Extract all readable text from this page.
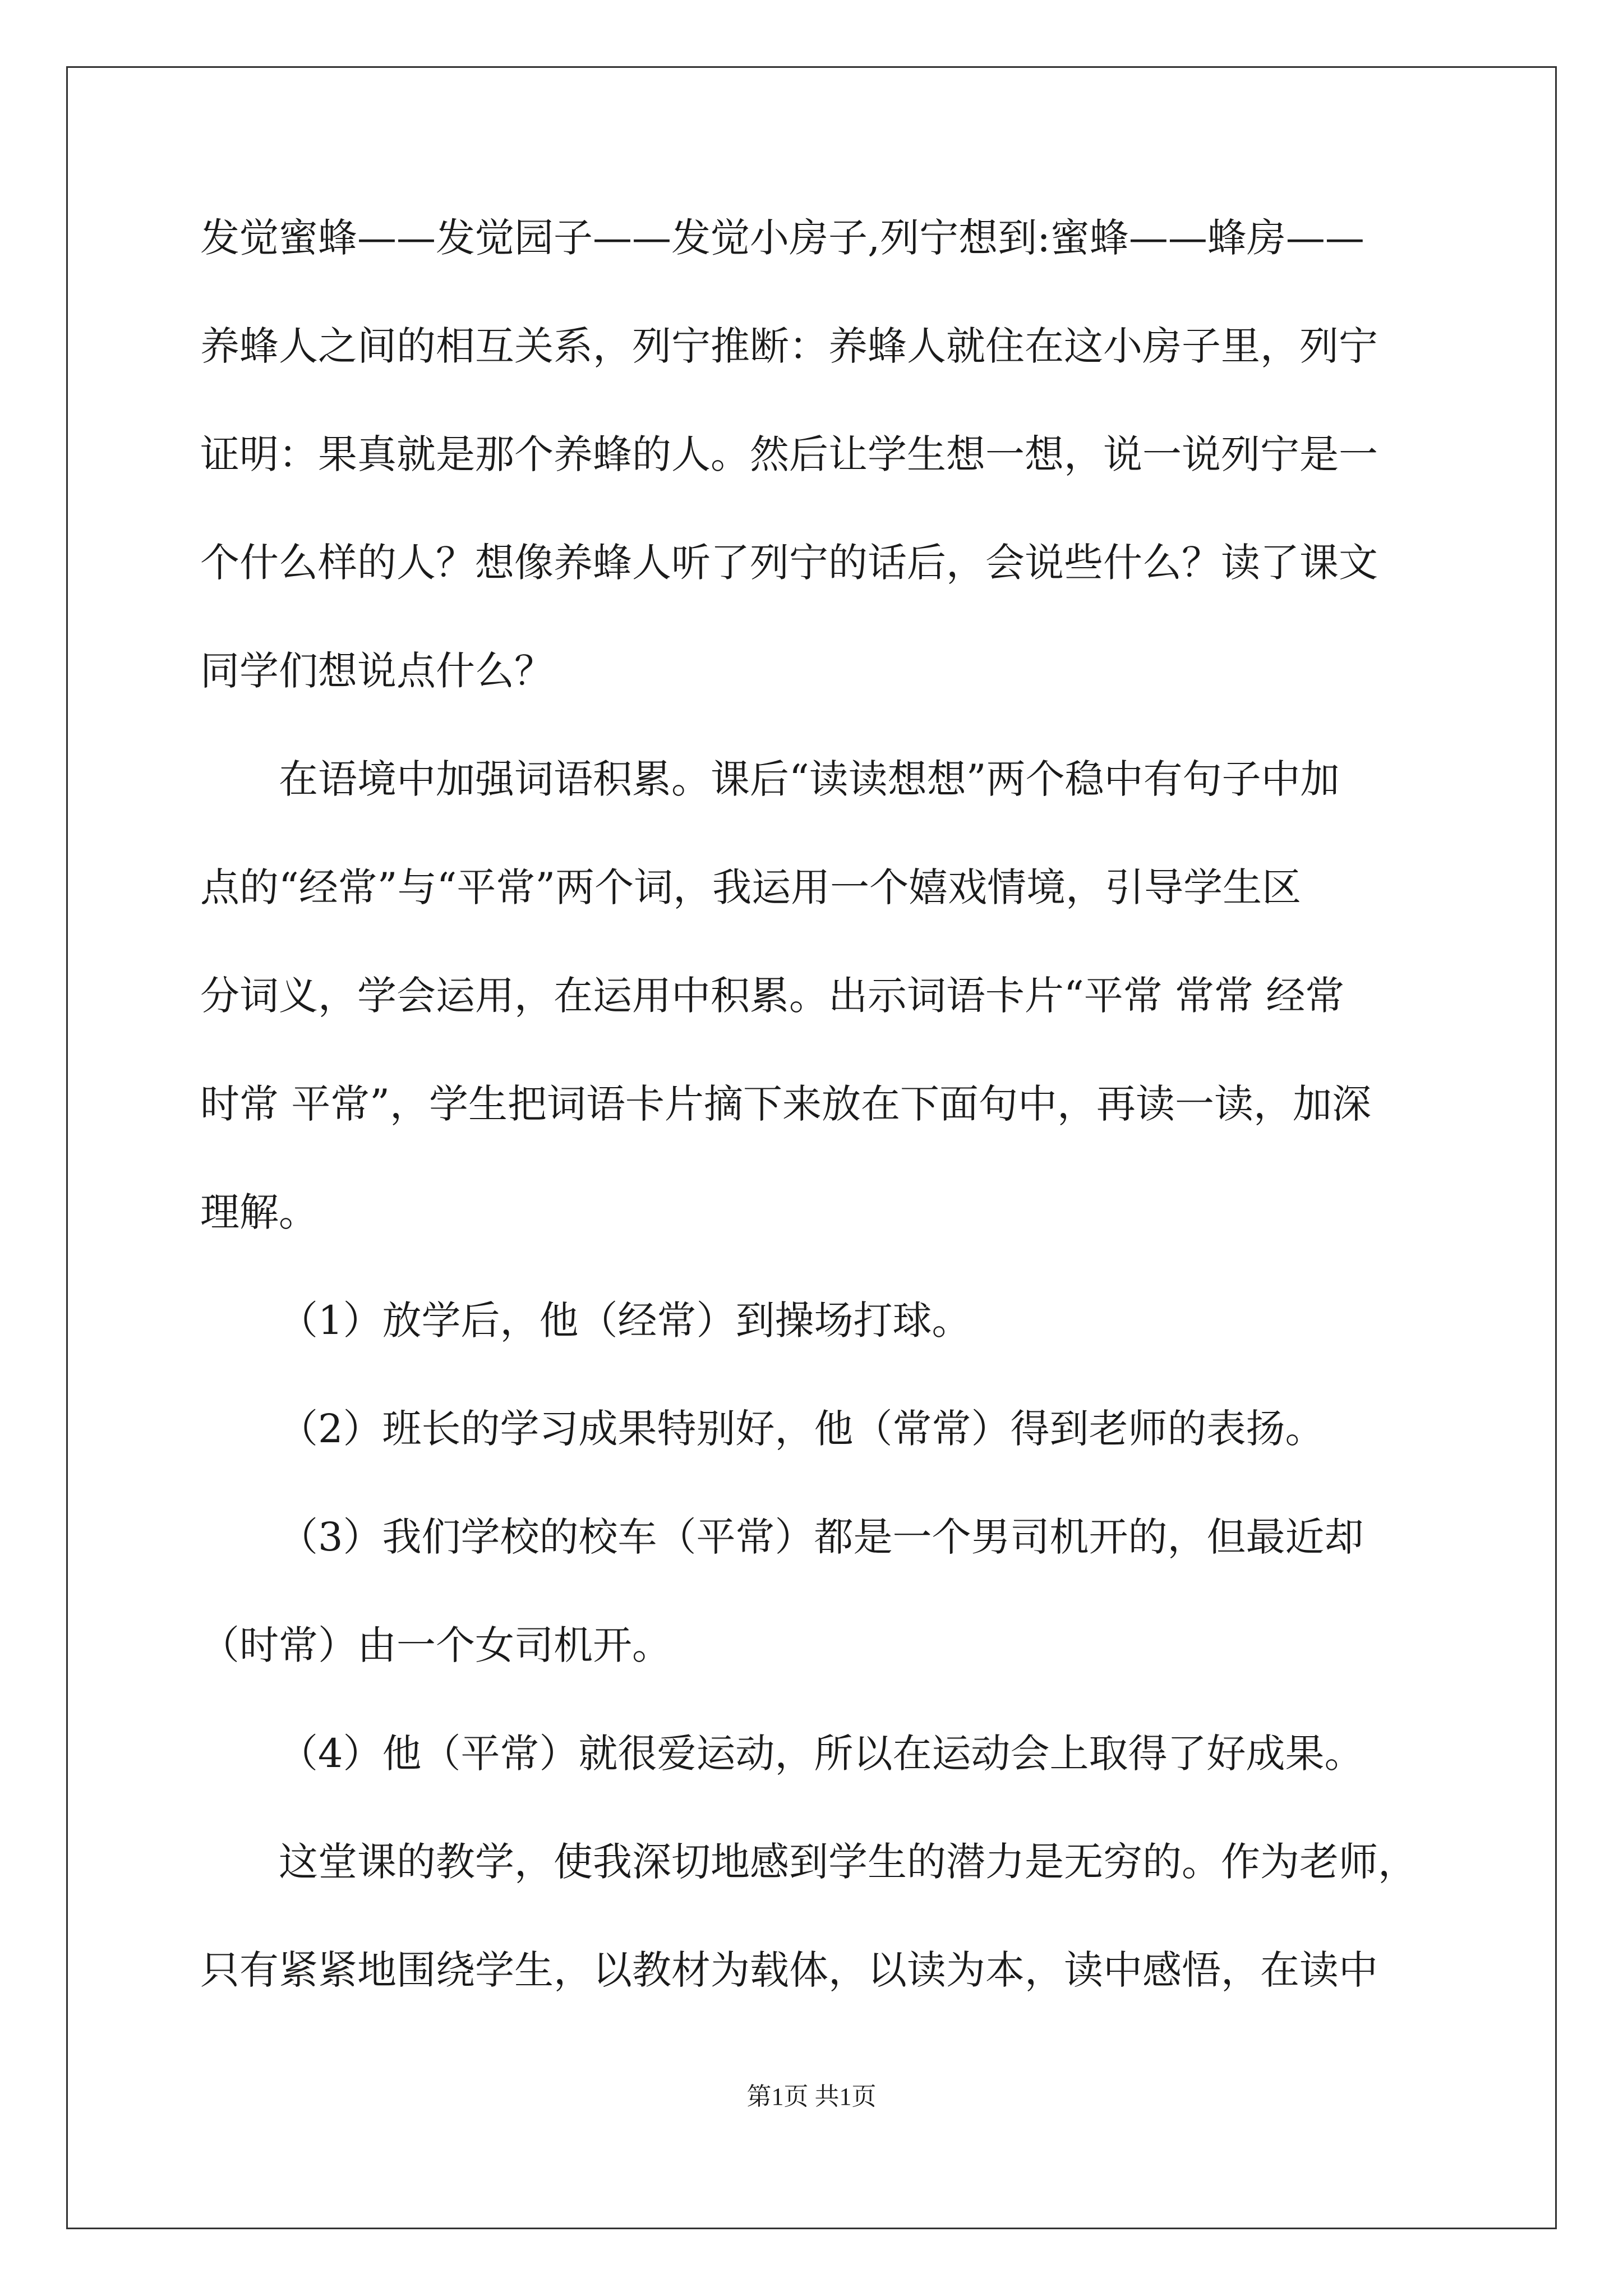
发觉蜜蜂——发觉园子——发觉小房子,列宁想到:蜜蜂——蜂房——
养蜂人之间的相互关系，列宁推断：养蜂人就住在这小房子里，列宁
证明：果真就是那个养蜂的人。然后让学生想一想，说一说列宁是一
个什么样的人？想像养蜂人听了列宁的话后，会说些什么？读了课文
同学们想说点什么？
在语境中加强词语积累。课后“读读想想”两个稳中有句子中加
点的“经常”与“平常”两个词，我运用一个嬉戏情境，引导学生区
分词义，学会运用，在运用中积累。出示词语卡片“平常 常常 经常
时常 平常”，学生把词语卡片摘下来放在下面句中，再读一读，加深
理解。
（1）放学后，他（经常）到操场打球。
（2）班长的学习成果特别好，他（常常）得到老师的表扬。
（3）我们学校的校车（平常）都是一个男司机开的，但最近却
（时常）由一个女司机开。
（4）他（平常）就很爱运动，所以在运动会上取得了好成果。
这堂课的教学，使我深切地感到学生的潜力是无穷的。作为老师，
只有紧紧地围绕学生，以教材为载体，以读为本，读中感悟，在读中
第1页 共1页
